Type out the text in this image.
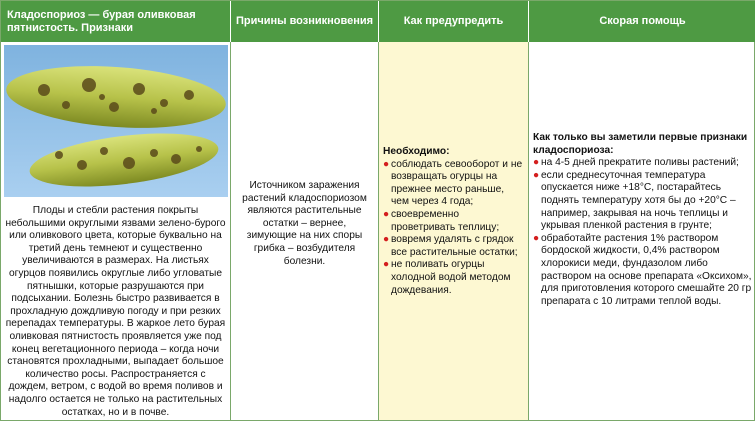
Кладоспориоз — бурая оливковая пятнистость. Признаки
Причины возникновения	Как предупредить	Скорая помощь
Плоды и стебли растения покрыты небольшими округлыми язвами зелено-бурого или оливкового цвета, которые буквально на третий день темнеют и существенно увеличиваются в размерах. На листьях огурцов появились округлые либо угловатые пятнышки, которые разрушаются при подсыхании. Болезнь быстро развивается в прохладную дождливую погоду и при резких перепадах температуры. В жаркое лето бурая оливковая пятнистость проявляется уже под конец вегетационного периода – когда ночи становятся прохладными, выпадает большое количество росы. Распространяется с дождем, ветром, с водой во время поливов и надолго остается не только на растительных остатках, но и в почве.
Источником заражения растений кладоспориозом являются растительные остатки – вернее, зимующие на них споры грибка – возбудителя болезни.
Необходимо:
● соблюдать севооборот и не возвращать огурцы на прежнее место раньше, чем через 4 года;
● своевременно проветривать теплицу;
● вовремя удалять с грядок все растительные остатки;
● не поливать огурцы холодной водой методом дождевания.
Как только вы заметили первые признаки кладоспориоза:
● на 4-5 дней прекратите поливы растений;
● если среднесуточная температура опускается ниже +18°С, постарайтесь поднять температуру хотя бы до +20°С – например, закрывая на ночь теплицы и укрывая пленкой растения в грунте;
● обработайте растения 1% раствором бордоской жидкости, 0,4% раствором хлорокиси меди, фундазолом либо раствором на основе препарата «Оксихом», для приготовления которого смешайте 20 гр препарата с 10 литрами теплой воды.
